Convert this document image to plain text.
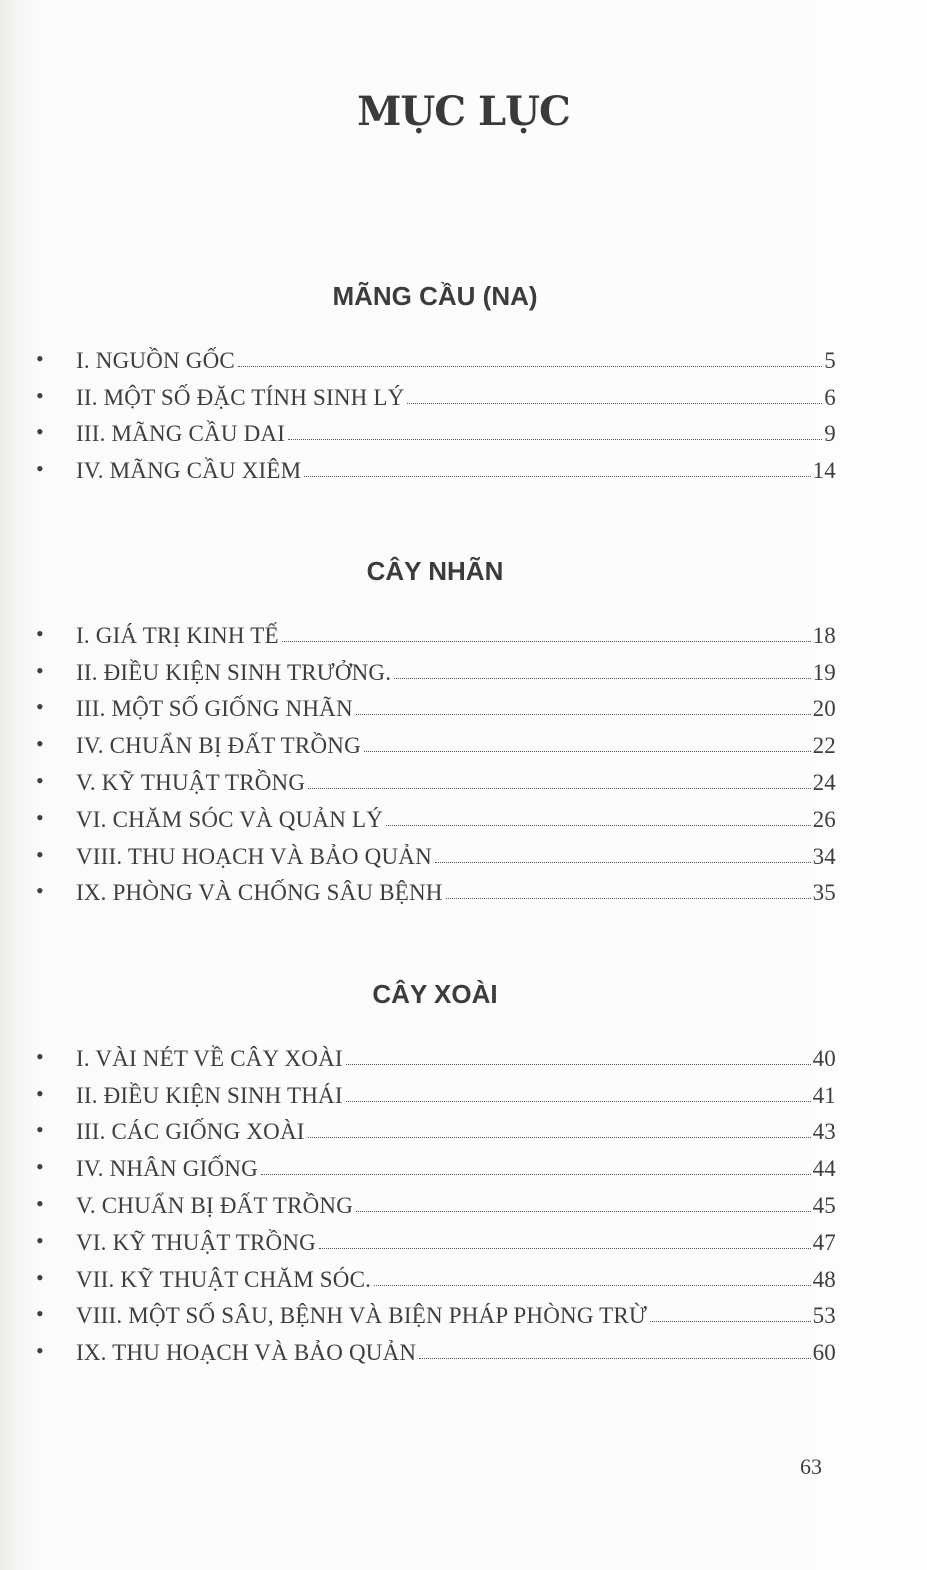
MỤC LỤC
MÃNG CẦU (NA)
•	I. NGUỒN GỐC	5
•	II. MỘT SỐ ĐẶC TÍNH SINH LÝ	6
•	III. MÃNG CẦU DAI	9
•	IV. MÃNG CẦU XIÊM	14
CÂY NHÃN
•	I. GIÁ TRỊ KINH TẾ	18
•	II. ĐIỀU KIỆN SINH TRƯỞNG.	19
•	III. MỘT SỐ GIỐNG NHÃN	20
•	IV. CHUẨN BỊ ĐẤT TRỒNG	22
•	V. KỸ THUẬT TRỒNG	24
•	VI. CHĂM SÓC VÀ QUẢN LÝ	26
•	VIII. THU HOẠCH VÀ BẢO QUẢN	34
•	IX. PHÒNG VÀ CHỐNG SÂU BỆNH	35
CÂY XOÀI
•	I. VÀI NÉT VỀ CÂY XOÀI	40
•	II. ĐIỀU KIỆN SINH THÁI	41
•	III. CÁC GIỐNG XOÀI	43
•	IV. NHÂN GIỐNG	44
•	V. CHUẨN BỊ ĐẤT TRỒNG	45
•	VI. KỸ THUẬT TRỒNG	47
•	VII. KỸ THUẬT CHĂM SÓC.	48
•	VIII. MỘT SỐ SÂU, BỆNH VÀ BIỆN PHÁP PHÒNG TRỪ	53
•	IX. THU HOẠCH VÀ BẢO QUẢN	60
63
